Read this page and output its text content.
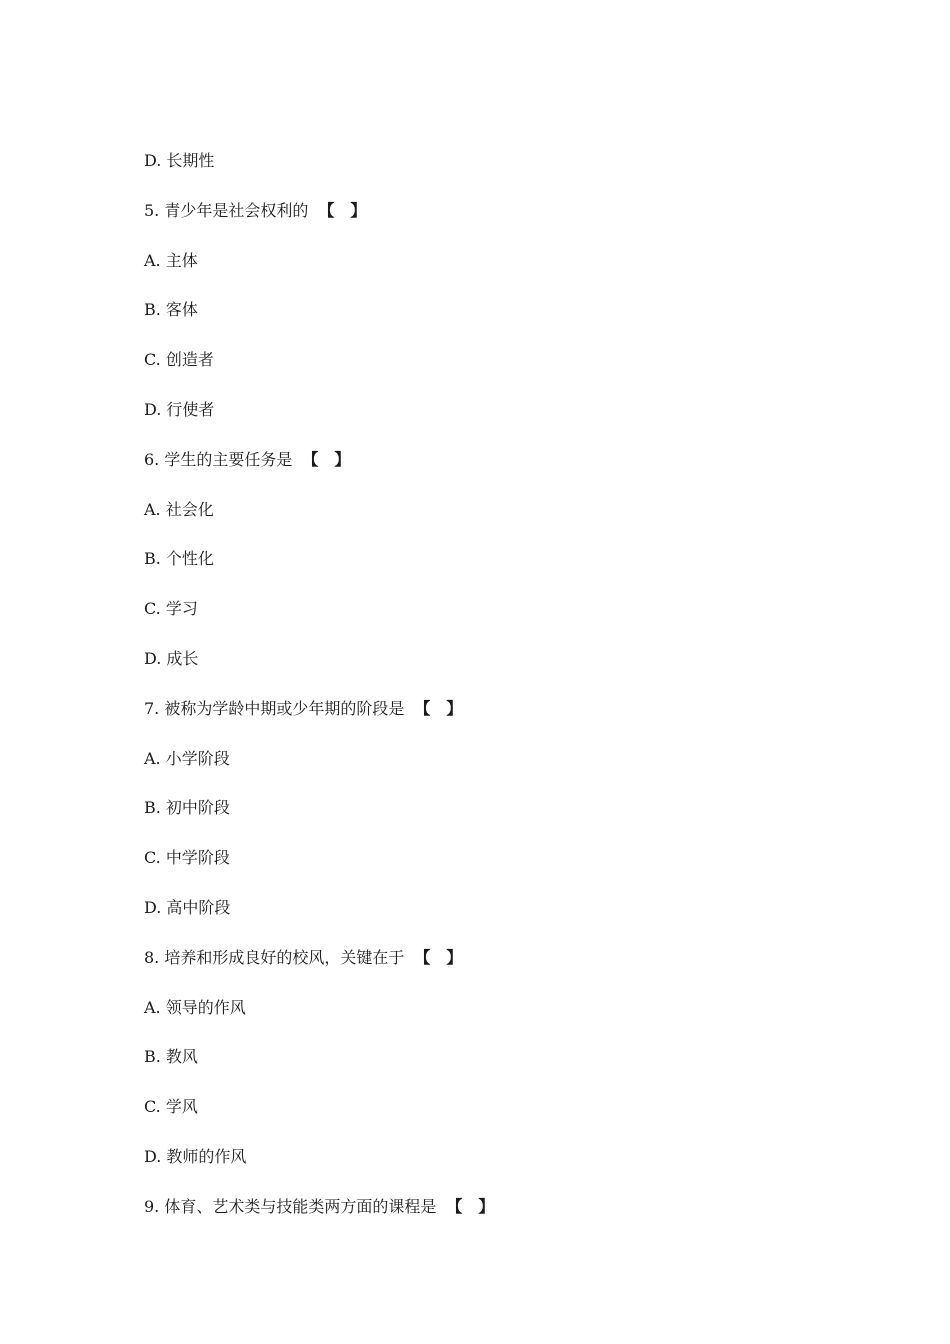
D. 长期性
5. 青少年是社会权利的 【　】
A. 主体
B. 客体
C. 创造者
D. 行使者
6. 学生的主要任务是 【　】
A. 社会化
B. 个性化
C. 学习
D. 成长
7. 被称为学龄中期或少年期的阶段是 【　】
A. 小学阶段
B. 初中阶段
C. 中学阶段
D. 高中阶段
8. 培养和形成良好的校风，关键在于 【　】
A. 领导的作风
B. 教风
C. 学风
D. 教师的作风
9. 体育、艺术类与技能类两方面的课程是 【　】
